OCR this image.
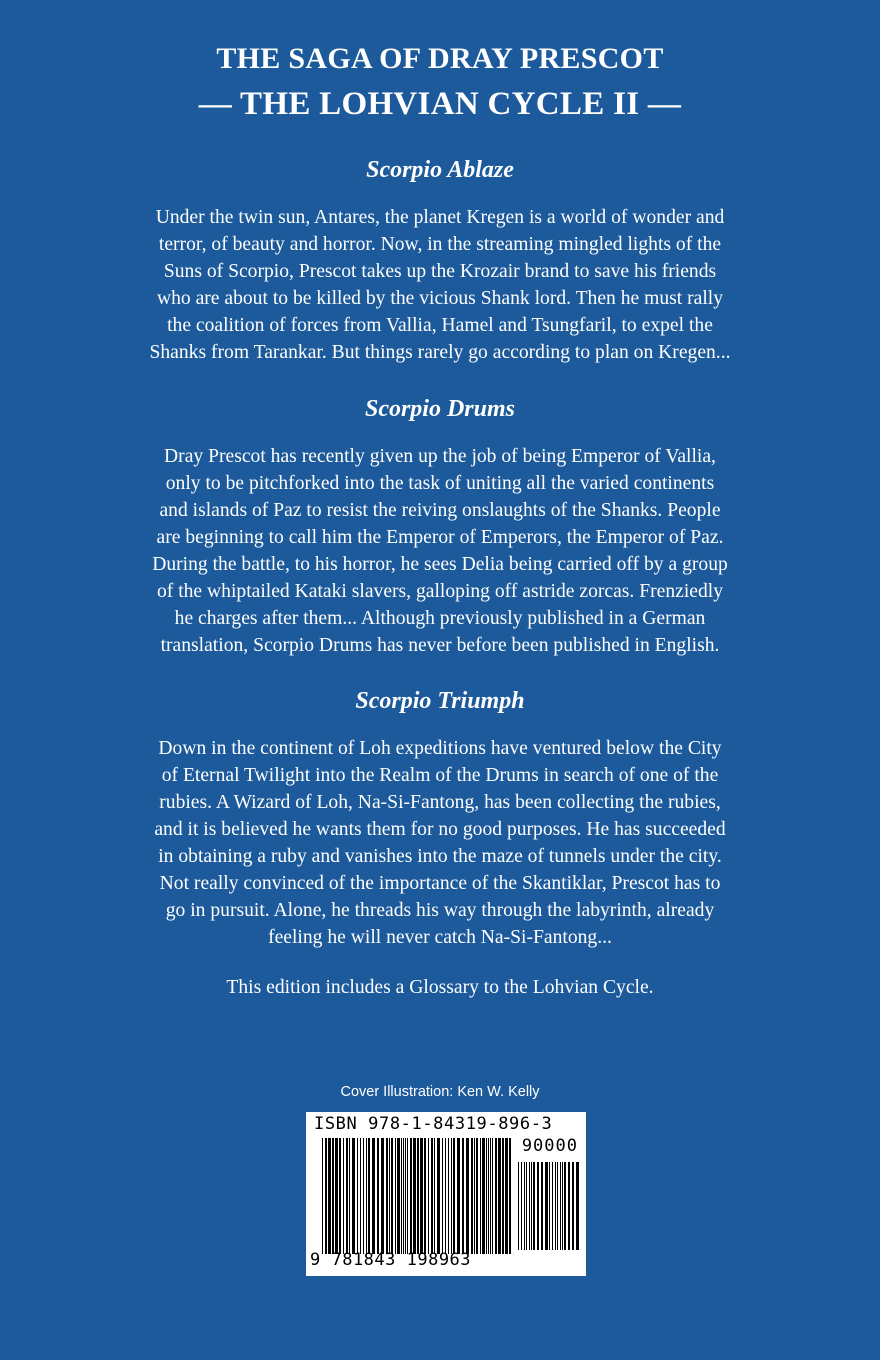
THE SAGA OF DRAY PRESCOT
— THE LOHVIAN CYCLE II —
Scorpio Ablaze
Under the twin sun, Antares, the planet Kregen is a world of wonder and
terror, of beauty and horror. Now, in the streaming mingled lights of the
Suns of Scorpio, Prescot takes up the Krozair brand to save his friends
who are about to be killed by the vicious Shank lord. Then he must rally
the coalition of forces from Vallia, Hamel and Tsungfaril, to expel the
Shanks from Tarankar. But things rarely go according to plan on Kregen...
Scorpio Drums
Dray Prescot has recently given up the job of being Emperor of Vallia,
only to be pitchforked into the task of uniting all the varied continents
and islands of Paz to resist the reiving onslaughts of the Shanks. People
are beginning to call him the Emperor of Emperors, the Emperor of Paz.
During the battle, to his horror, he sees Delia being carried off by a group
of the whiptailed Kataki slavers, galloping off astride zorcas. Frenziedly
he charges after them... Although previously published in a German
translation, Scorpio Drums has never before been published in English.
Scorpio Triumph
Down in the continent of Loh expeditions have ventured below the City
of Eternal Twilight into the Realm of the Drums in search of one of the
rubies. A Wizard of Loh, Na-Si-Fantong, has been collecting the rubies,
and it is believed he wants them for no good purposes. He has succeeded
in obtaining a ruby and vanishes into the maze of tunnels under the city.
Not really convinced of the importance of the Skantiklar, Prescot has to
go in pursuit. Alone, he threads his way through the labyrinth, already
feeling he will never catch Na-Si-Fantong...

This edition includes a Glossary to the Lohvian Cycle.

Cover Illustration: Ken W. Kelly

ISBN 978-1-84319-896-3
90000
9 781843 198963
